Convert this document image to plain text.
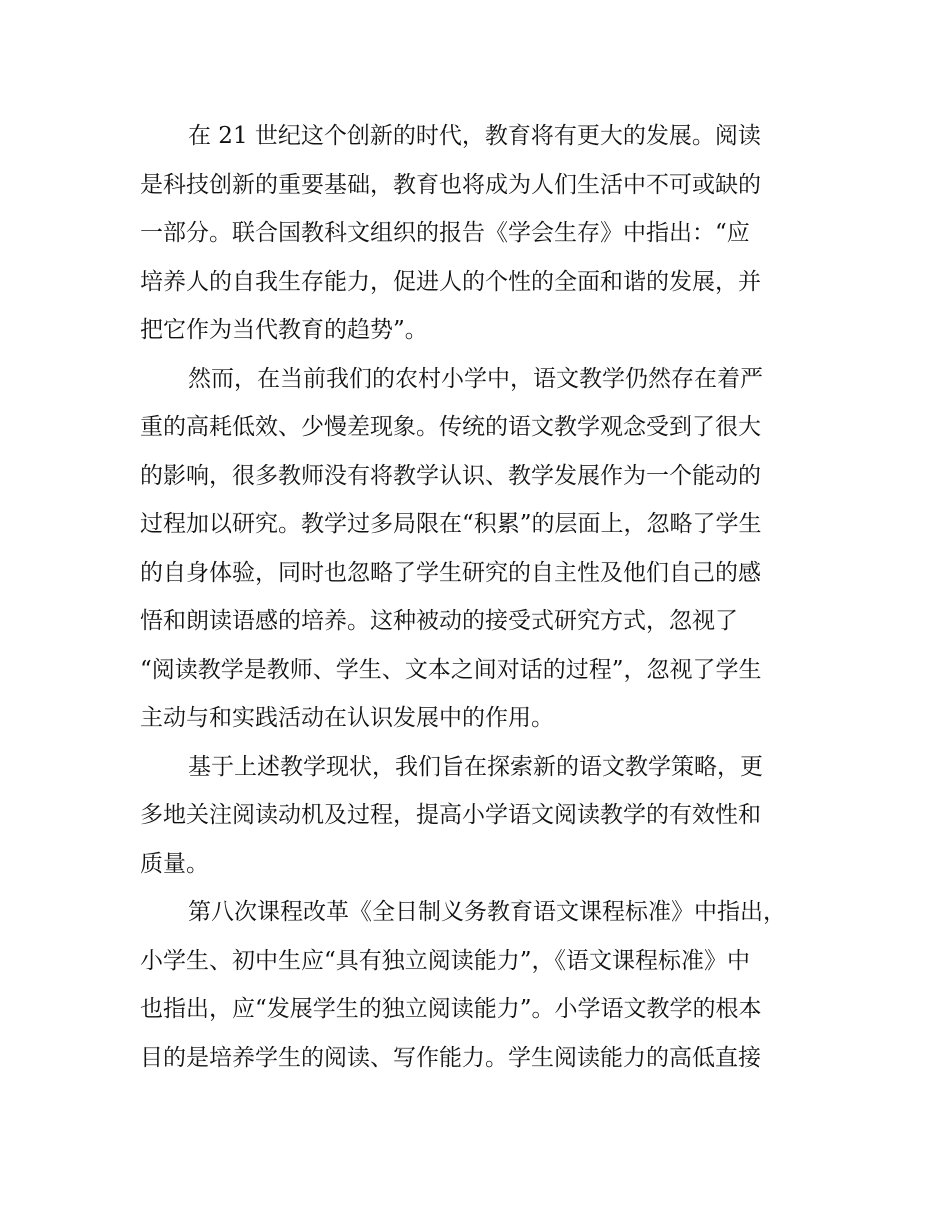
在 21 世纪这个创新的时代，教育将有更大的发展。阅读
是科技创新的重要基础，教育也将成为人们生活中不可或缺的
一部分。联合国教科文组织的报告《学会生存》中指出：“应
培养人的自我生存能力，促进人的个性的全面和谐的发展，并
把它作为当代教育的趋势”。
然而，在当前我们的农村小学中，语文教学仍然存在着严
重的高耗低效、少慢差现象。传统的语文教学观念受到了很大
的影响，很多教师没有将教学认识、教学发展作为一个能动的
过程加以研究。教学过多局限在“积累”的层面上，忽略了学生
的自身体验，同时也忽略了学生研究的自主性及他们自己的感
悟和朗读语感的培养。这种被动的接受式研究方式，忽视了
“阅读教学是教师、学生、文本之间对话的过程”，忽视了学生
主动与和实践活动在认识发展中的作用。
基于上述教学现状，我们旨在探索新的语文教学策略，更
多地关注阅读动机及过程，提高小学语文阅读教学的有效性和
质量。
第八次课程改革《全日制义务教育语文课程标准》中指出，
小学生、初中生应“具有独立阅读能力”，《语文课程标准》中
也指出，应“发展学生的独立阅读能力”。小学语文教学的根本
目的是培养学生的阅读、写作能力。学生阅读能力的高低直接
